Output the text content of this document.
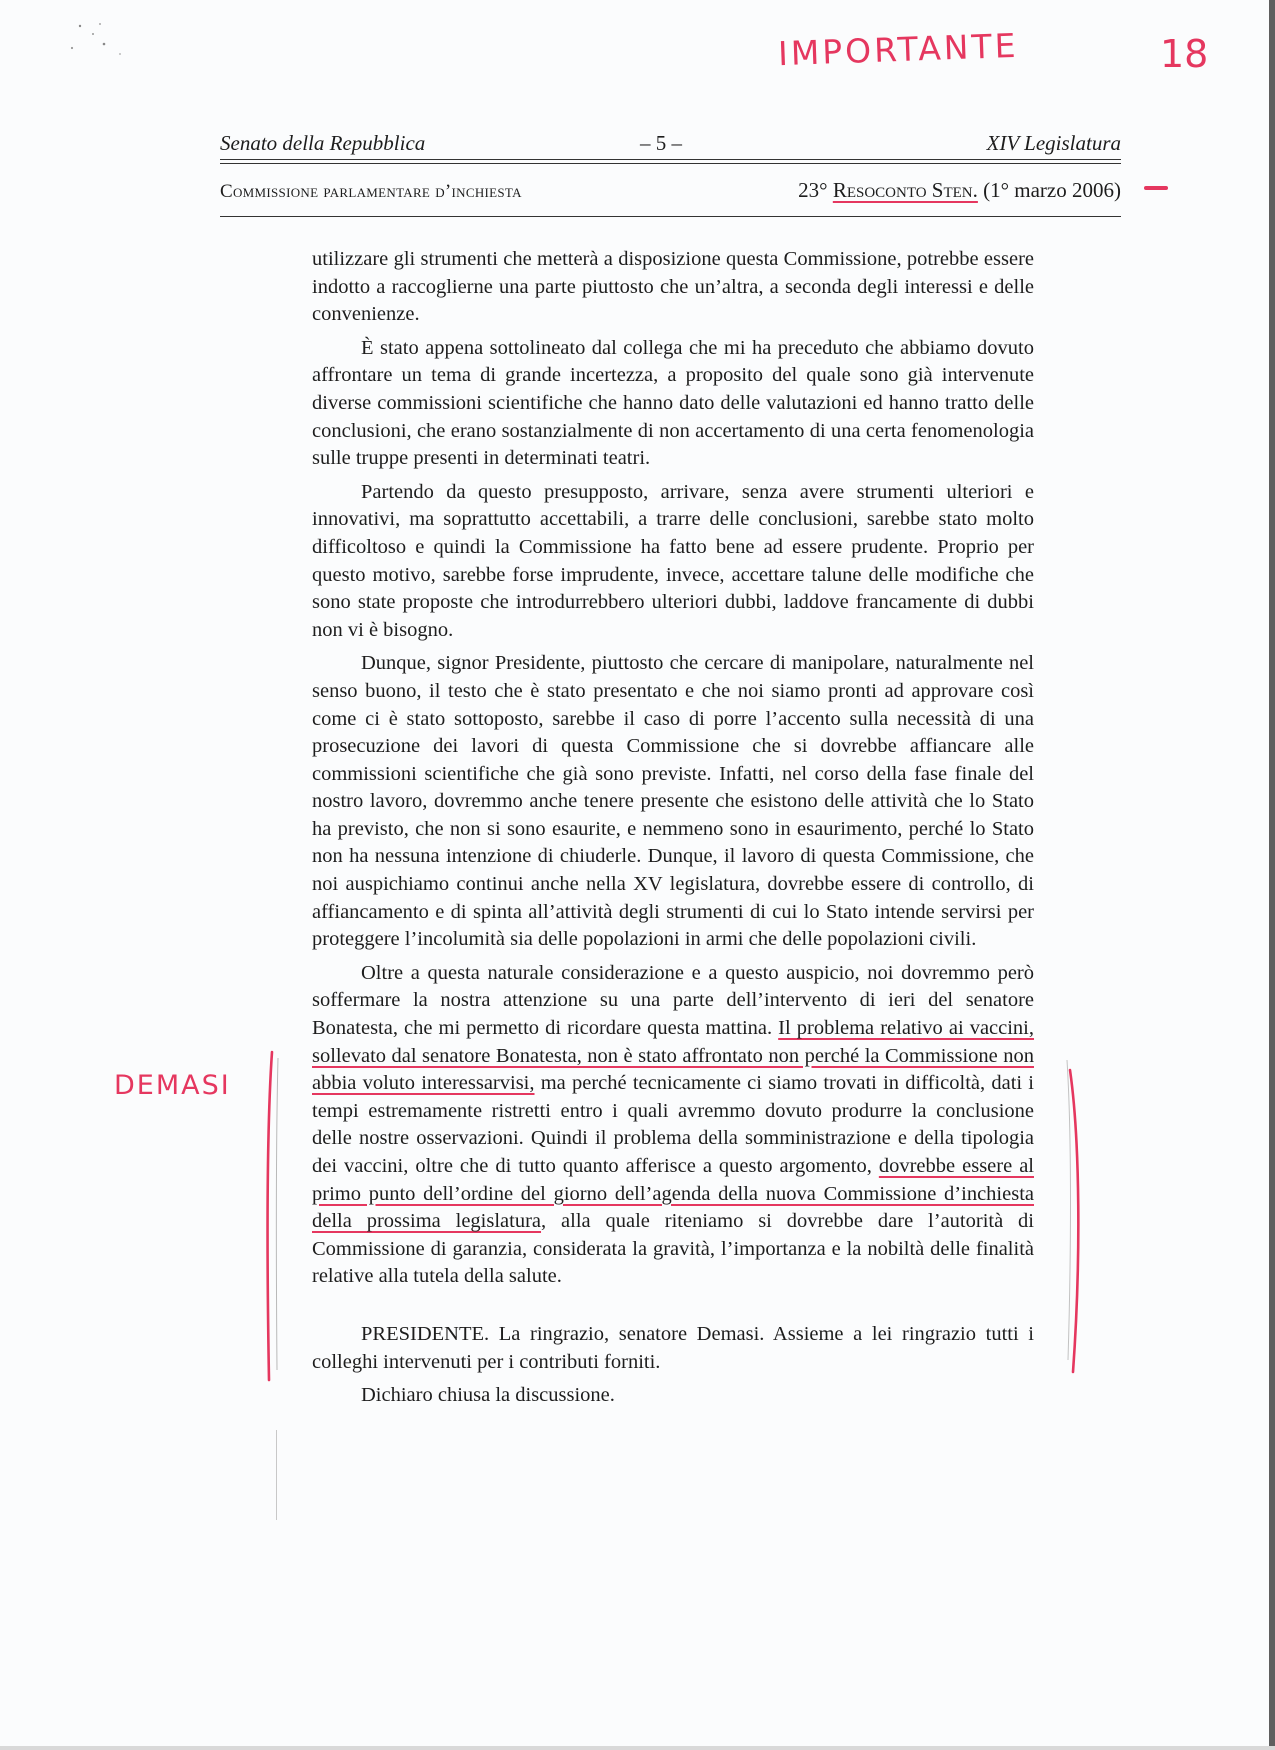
IMPORTANTE	18
DEMASI
Senato della Repubblica	– 5 –	XIV Legislatura
Commissione parlamentare d’inchiesta	23° Resoconto Sten. (1° marzo 2006)

utilizzare gli strumenti che metterà a disposizione questa Commissione, potrebbe essere indotto a raccoglierne una parte piuttosto che un’altra, a seconda degli interessi e delle convenienze.

È stato appena sottolineato dal collega che mi ha preceduto che abbiamo dovuto affrontare un tema di grande incertezza, a proposito del quale sono già intervenute diverse commissioni scientifiche che hanno dato delle valutazioni ed hanno tratto delle conclusioni, che erano sostanzialmente di non accertamento di una certa fenomenologia sulle truppe presenti in determinati teatri.

Partendo da questo presupposto, arrivare, senza avere strumenti ulteriori e innovativi, ma soprattutto accettabili, a trarre delle conclusioni, sarebbe stato molto difficoltoso e quindi la Commissione ha fatto bene ad essere prudente. Proprio per questo motivo, sarebbe forse imprudente, invece, accettare talune delle modifiche che sono state proposte che introdurrebbero ulteriori dubbi, laddove francamente di dubbi non vi è bisogno.

Dunque, signor Presidente, piuttosto che cercare di manipolare, naturalmente nel senso buono, il testo che è stato presentato e che noi siamo pronti ad approvare così come ci è stato sottoposto, sarebbe il caso di porre l’accento sulla necessità di una prosecuzione dei lavori di questa Commissione che si dovrebbe affiancare alle commissioni scientifiche che già sono previste. Infatti, nel corso della fase finale del nostro lavoro, dovremmo anche tenere presente che esistono delle attività che lo Stato ha previsto, che non si sono esaurite, e nemmeno sono in esaurimento, perché lo Stato non ha nessuna intenzione di chiuderle. Dunque, il lavoro di questa Commissione, che noi auspichiamo continui anche nella XV legislatura, dovrebbe essere di controllo, di affiancamento e di spinta all’attività degli strumenti di cui lo Stato intende servirsi per proteggere l’incolumità sia delle popolazioni in armi che delle popolazioni civili.

Oltre a questa naturale considerazione e a questo auspicio, noi dovremmo però soffermare la nostra attenzione su una parte dell’intervento di ieri del senatore Bonatesta, che mi permetto di ricordare questa mattina. Il problema relativo ai vaccini, sollevato dal senatore Bonatesta, non è stato affrontato non perché la Commissione non abbia voluto interessarvisi, ma perché tecnicamente ci siamo trovati in difficoltà, dati i tempi estremamente ristretti entro i quali avremmo dovuto produrre la conclusione delle nostre osservazioni. Quindi il problema della somministrazione e della tipologia dei vaccini, oltre che di tutto quanto afferisce a questo argomento, dovrebbe essere al primo punto dell’ordine del giorno dell’agenda della nuova Commissione d’inchiesta della prossima legislatura, alla quale riteniamo si dovrebbe dare l’autorità di Commissione di garanzia, considerata la gravità, l’importanza e la nobiltà delle finalità relative alla tutela della salute.

PRESIDENTE. La ringrazio, senatore Demasi. Assieme a lei ringrazio tutti i colleghi intervenuti per i contributi forniti.

Dichiaro chiusa la discussione.
